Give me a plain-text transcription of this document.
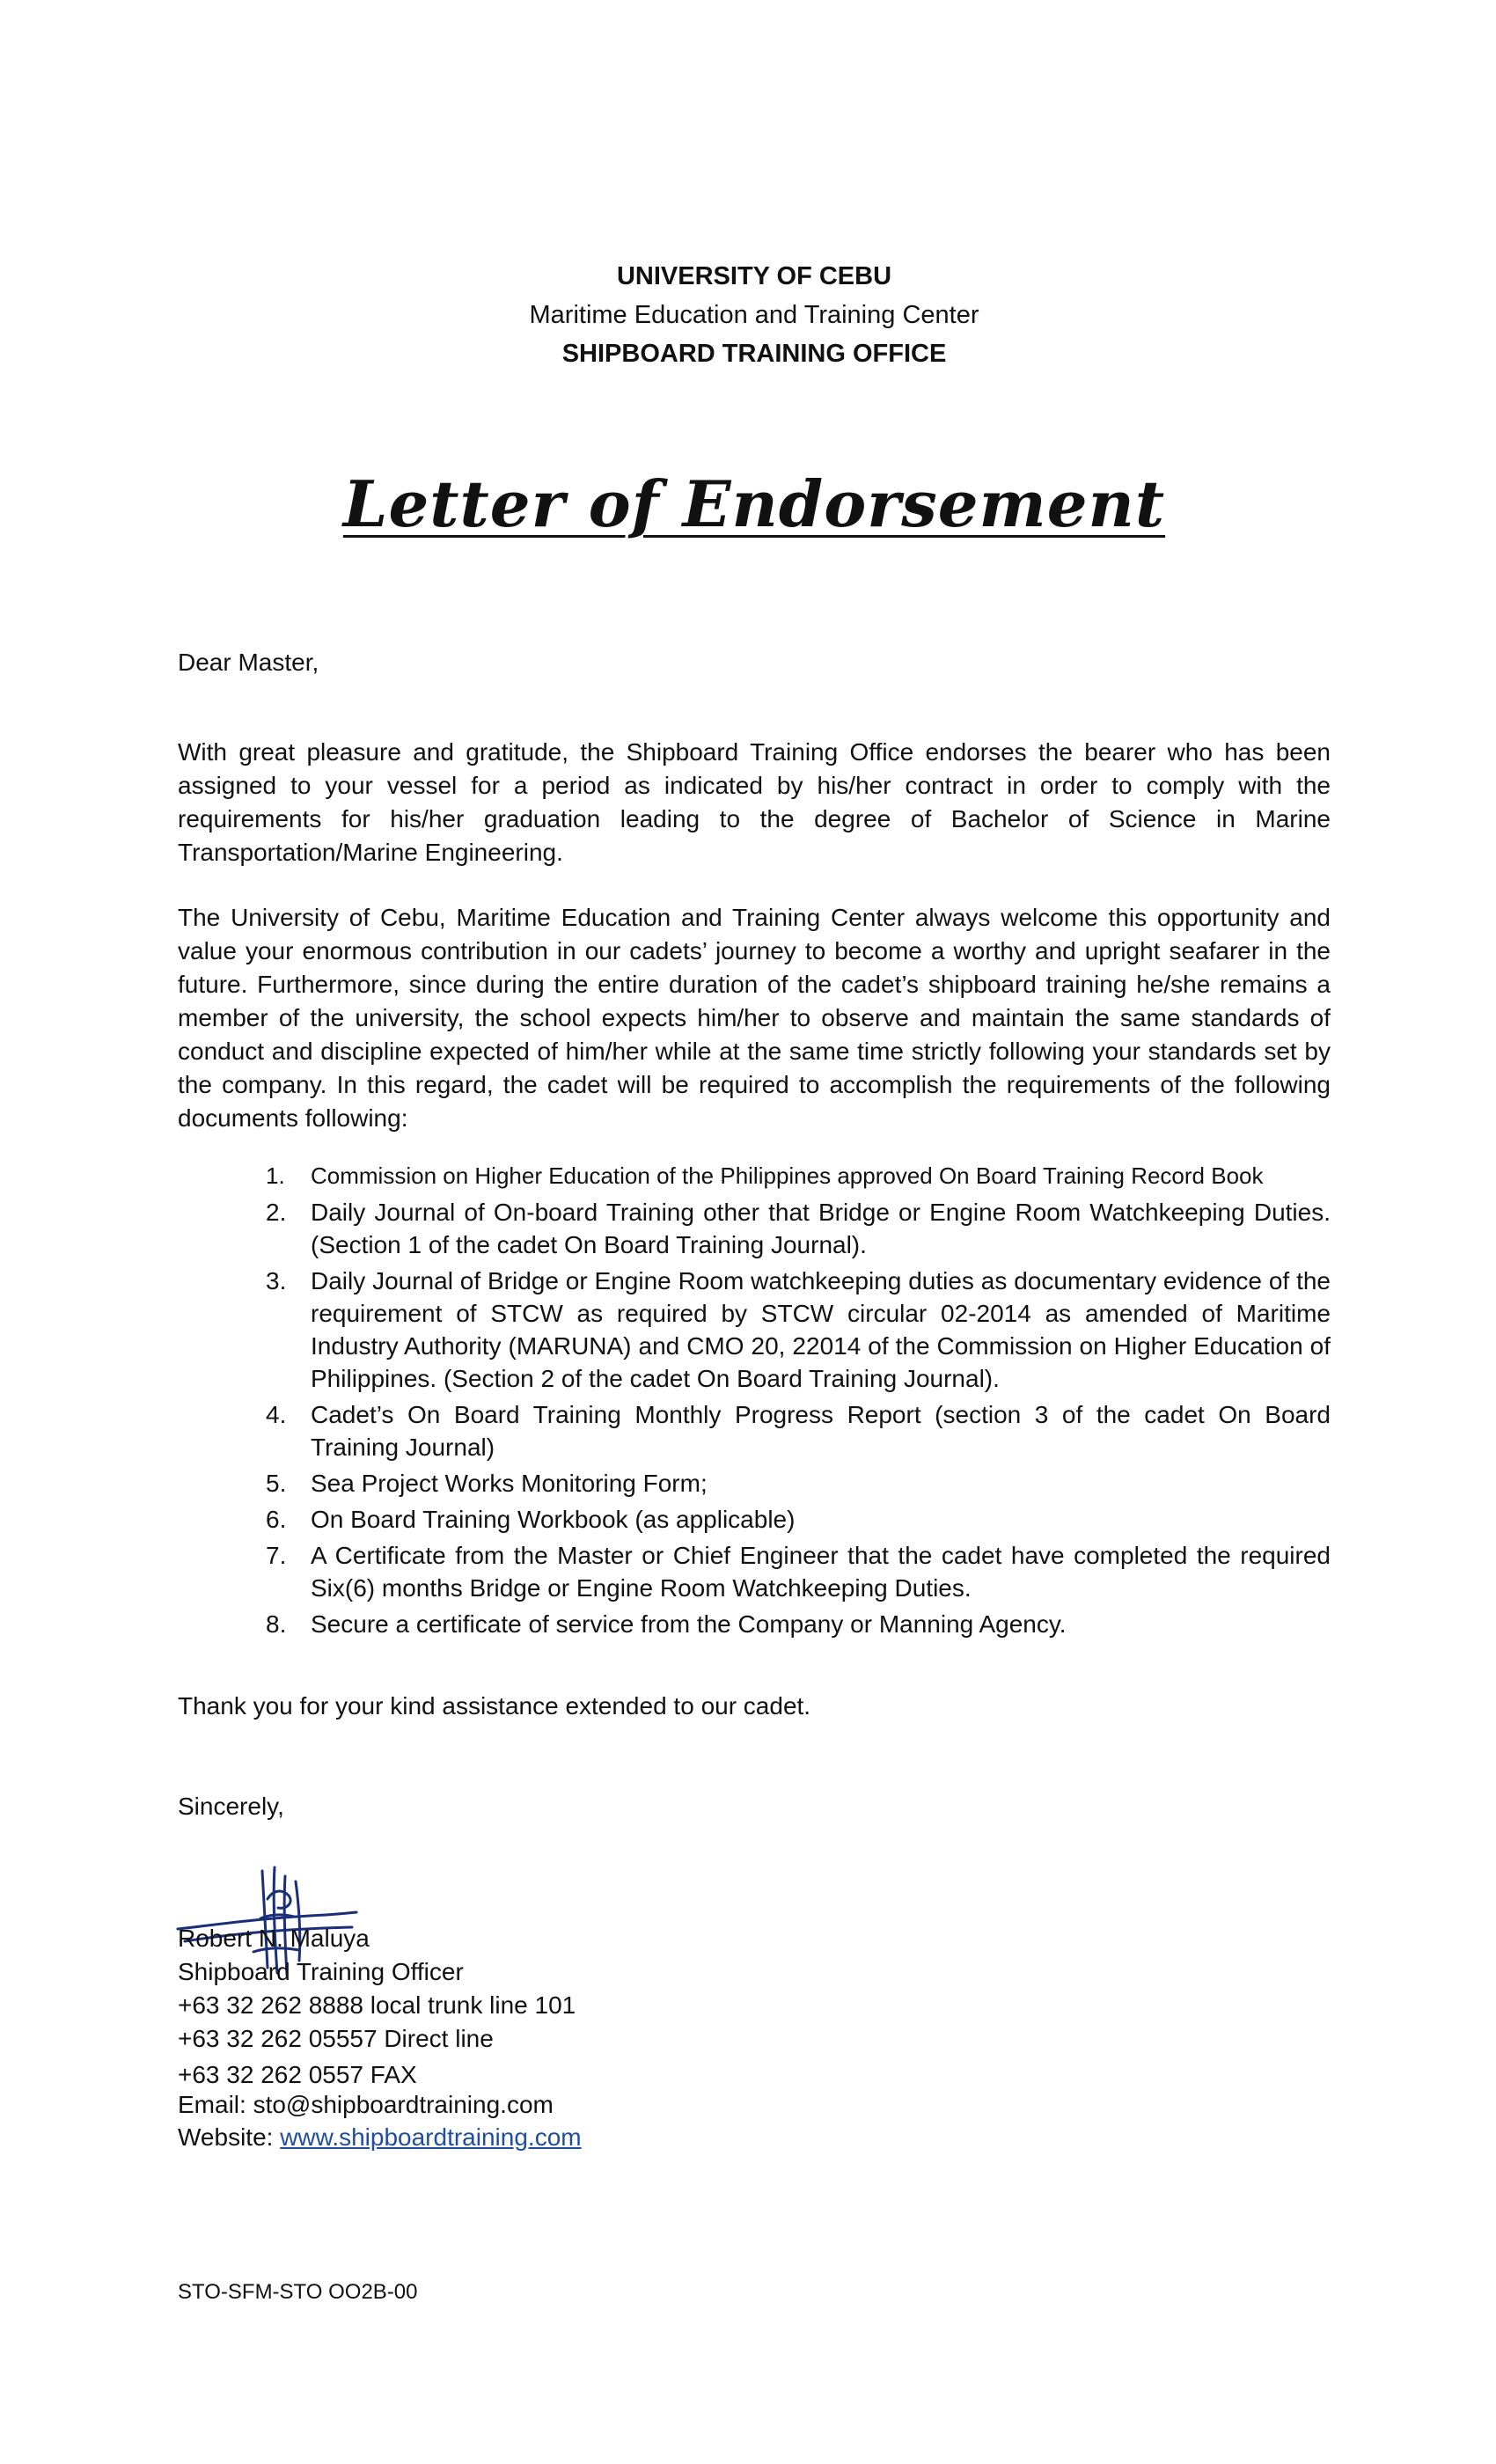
UNIVERSITY OF CEBU
Maritime Education and Training Center
SHIPBOARD TRAINING OFFICE
Letter of Endorsement
Dear Master,
With great pleasure and gratitude, the Shipboard Training Office endorses the bearer who has been assigned to your vessel for a period as indicated by his/her contract in order to comply with the requirements for his/her graduation leading to the degree of Bachelor of Science in Marine Transportation/Marine Engineering.
The University of Cebu, Maritime Education and Training Center always welcome this opportunity and value your enormous contribution in our cadets’ journey to become a worthy and upright seafarer in the future. Furthermore, since during the entire duration of the cadet’s shipboard training he/she remains a member of the university, the school expects him/her to observe and maintain the same standards of conduct and discipline expected of him/her while at the same time strictly following your standards set by the company. In this regard, the cadet will be required to accomplish the requirements of the following documents following:
1. Commission on Higher Education of the Philippines approved On Board Training Record Book
2. Daily Journal of On-board Training other that Bridge or Engine Room Watchkeeping Duties. (Section 1 of the cadet On Board Training Journal).
3. Daily Journal of Bridge or Engine Room watchkeeping duties as documentary evidence of the requirement of STCW as required by STCW circular 02-2014 as amended of Maritime Industry Authority (MARUNA) and CMO 20, 22014 of the Commission on Higher Education of Philippines. (Section 2 of the cadet On Board Training Journal).
4. Cadet’s On Board Training Monthly Progress Report (section 3 of the cadet On Board Training Journal)
5. Sea Project Works Monitoring Form;
6. On Board Training Workbook (as applicable)
7. A Certificate from the Master or Chief Engineer that the cadet have completed the required Six(6) months Bridge or Engine Room Watchkeeping Duties.
8. Secure a certificate of service from the Company or Manning Agency.
Thank you for your kind assistance extended to our cadet.
Sincerely,
Robert N. Maluya
Shipboard Training Officer
+63 32 262 8888 local trunk line 101
+63 32 262 05557 Direct line
+63 32 262 0557 FAX
Email: sto@shipboardtraining.com
Website: www.shipboardtraining.com
STO-SFM-STO OO2B-00
